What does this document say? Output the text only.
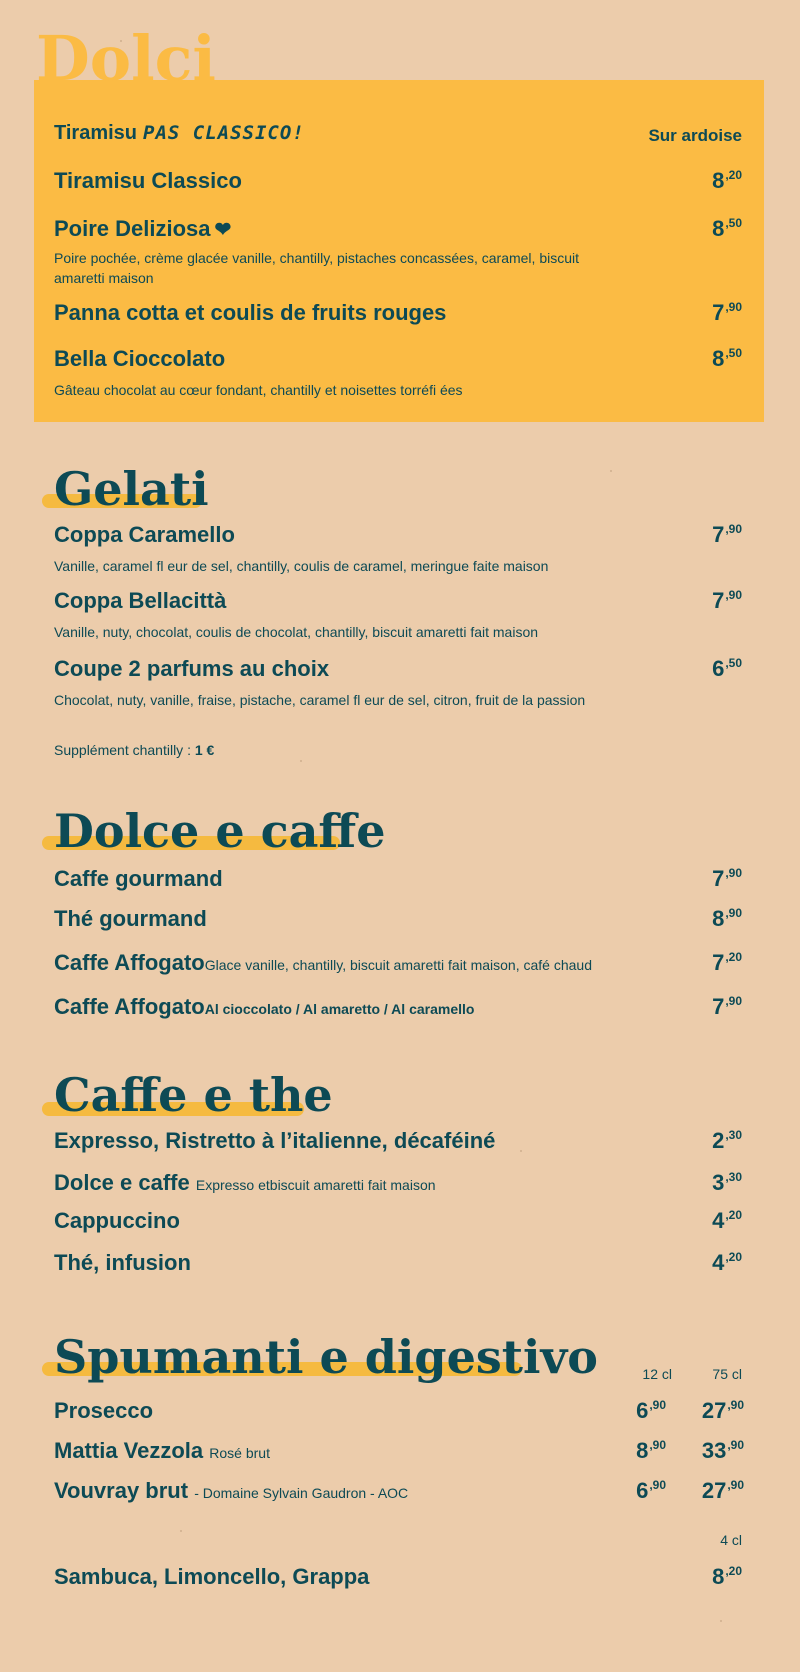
Dolci
Tiramisu PAS CLASSICO!	Sur ardoise
Tiramisu Classico	$8^{,20}$
Poire Deliziosa ❤	$8^{,50}$
Poire pochée, crème glacée vanille, chantilly, pistaches concassées, caramel, biscuit amaretti maison
Panna cotta et coulis de fruits rouges	$7^{,90}$
Bella Cioccolato	$8^{,50}$
Gâteau chocolat au cœur fondant, chantilly et noisettes torréfi ées
Gelati
Coppa Caramello	$7^{,90}$
Vanille, caramel fl eur de sel, chantilly, coulis de caramel, meringue faite maison
Coppa Bellacittà	$7^{,90}$
Vanille, nuty, chocolat, coulis de chocolat, chantilly, biscuit amaretti fait maison
Coupe 2 parfums au choix	$6^{,50}$
Chocolat, nuty, vanille, fraise, pistache, caramel fl eur de sel, citron, fruit de la passion
Supplément chantilly : 1 €
Dolce e caffe
Caffe gourmand	$7^{,90}$
Thé gourmand	$8^{,90}$
Caffe AffogatoGlace vanille, chantilly, biscuit amaretti fait maison, café chaud	$7^{,20}$
Caffe AffogatoAl cioccolato / Al amaretto / Al caramello	$7^{,90}$
Caffe e the
Expresso, Ristretto à l’italienne, décaféiné	$2^{,30}$
Dolce e caffe Expresso etbiscuit amaretti fait maison	$3^{,30}$
Cappuccino	$4^{,20}$
Thé, infusion	$4^{,20}$
Spumanti e digestivo	12 cl	75 cl
Prosecco	$6^{,90}$	$27^{,90}$
Mattia Vezzola Rosé brut	$8^{,90}$	$33^{,90}$
Vouvray brut - Domaine Sylvain Gaudron - AOC	$6^{,90}$	$27^{,90}$
4 cl
Sambuca, Limoncello, Grappa	$8^{,20}$
